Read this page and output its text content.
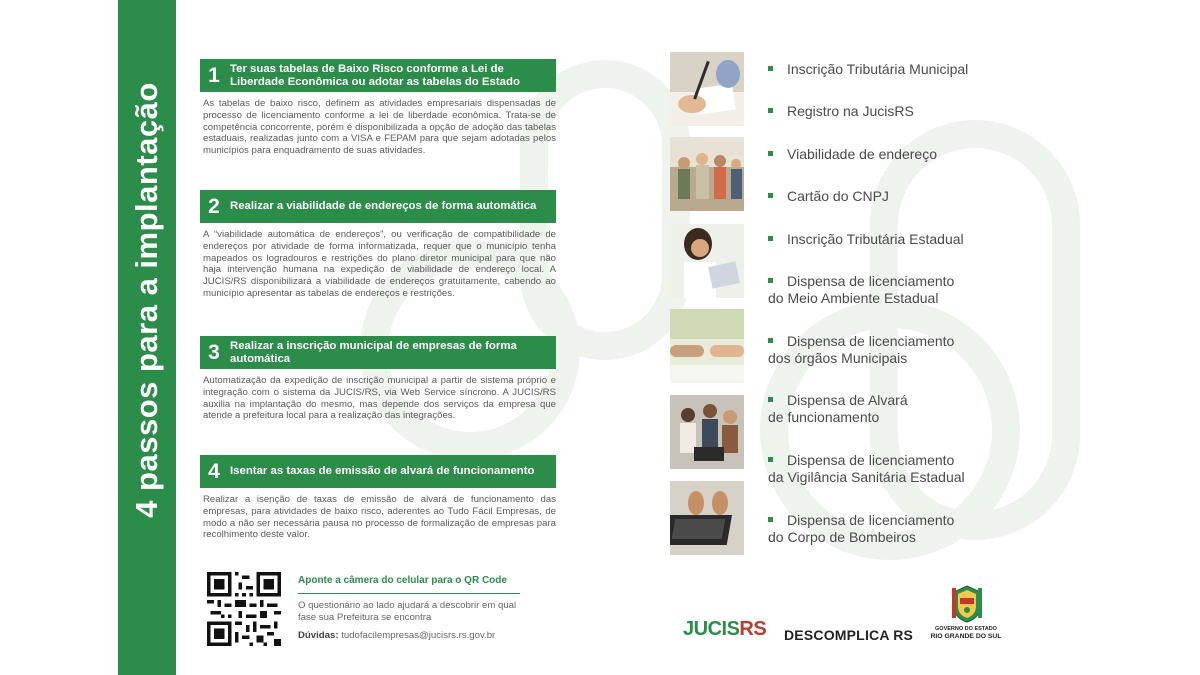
4 passos para a implantação
1 Ter suas tabelas de Baixo Risco conforme a Lei de Liberdade Econômica ou adotar as tabelas do Estado
As tabelas de baixo risco, definem as atividades empresariais dispensadas de processo de licenciamento conforme a lei de liberdade econômica. Trata-se de competência concorrente, porém é disponibilizada a opção de adoção das tabelas estaduais, realizadas junto com a VISA e FEPAM para que sejam adotadas pelos municípios para enquadramento de suas atividades.
2 Realizar a viabilidade de endereços de forma automática
A “viabilidade automática de endereços”, ou verificação de compatibilidade de endereços por atividade de forma informatizada, requer que o município tenha mapeados os logradouros e restrições do plano diretor municipal para que não haja intervenção humana na expedição de viabilidade de endereço local. A JUCIS/RS disponibilizará a viabilidade de endereços gratuitamente, cabendo ao município apresentar as tabelas de endereços e restrições.
3 Realizar a inscrição municipal de empresas de forma automática
Automatização da expedição de inscrição municipal a partir de sistema próprio e integração com o sistema da JUCIS/RS, via Web Service síncrono. A JUCIS/RS auxilia na implantação do mesmo, mas depende dos serviços da empresa que atende a prefeitura local para a realização das integrações.
4 Isentar as taxas de emissão de alvará de funcionamento
Realizar a isenção de taxas de emissão de alvará de funcionamento das empresas, para atividades de baixo risco, aderentes ao Tudo Fácil Empresas, de modo a não ser necessária pausa no processo de formalização de empresas para recolhimento deste valor.
Aponte a câmera do celular para o QR Code
O questionário ao lado ajudará a descobrir em qual fase sua Prefeitura se encontra
Dúvidas: tudofacilempresas@jucisrs.rs.gov.br
Inscrição Tributária Municipal

Registro na JucisRS

Viabilidade de endereço

Cartão do CNPJ

Inscrição Tributária Estadual

Dispensa de licenciamento
do Meio Ambiente Estadual
Dispensa de licenciamento
dos órgãos Municipais
Dispensa de Alvará
de funcionamento
Dispensa de licenciamento
da Vigilância Sanitária Estadual
Dispensa de licenciamento
do Corpo de Bombeiros
JUCISRS DESCOMPLICA RS	GOVERNO DO ESTADO
RIO GRANDE DO SUL
